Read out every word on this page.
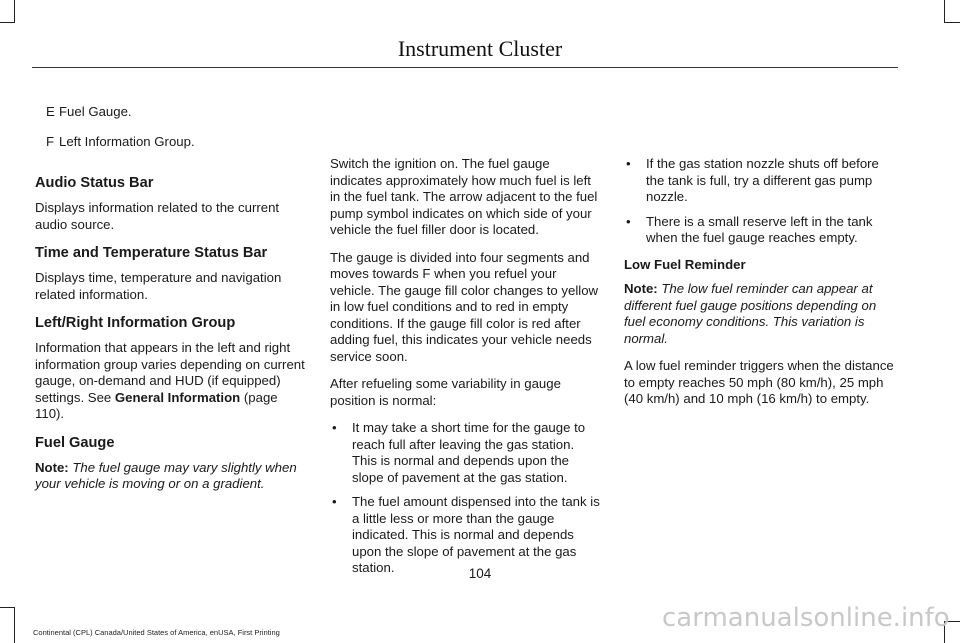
Instrument Cluster
E Fuel Gauge.
F Left Information Group.
Audio Status Bar

Displays information related to the current audio source.

Time and Temperature Status Bar

Displays time, temperature and navigation related information.

Left/Right Information Group

Information that appears in the left and right information group varies depending on current gauge, on-demand and HUD (if equipped) settings. See General Information (page 110).

Fuel Gauge

Note: The fuel gauge may vary slightly when your vehicle is moving or on a gradient.

Switch the ignition on. The fuel gauge indicates approximately how much fuel is left in the fuel tank. The arrow adjacent to the fuel pump symbol indicates on which side of your vehicle the fuel filler door is located.

The gauge is divided into four segments and moves towards F when you refuel your vehicle. The gauge fill color changes to yellow in low fuel conditions and to red in empty conditions. If the gauge fill color is red after adding fuel, this indicates your vehicle needs service soon.

After refueling some variability in gauge position is normal:

• It may take a short time for the gauge to reach full after leaving the gas station. This is normal and depends upon the slope of pavement at the gas station.
• The fuel amount dispensed into the tank is a little less or more than the gauge indicated. This is normal and depends upon the slope of pavement at the gas station.
• If the gas station nozzle shuts off before the tank is full, try a different gas pump nozzle.
• There is a small reserve left in the tank when the fuel gauge reaches empty.
Low Fuel Reminder

Note: The low fuel reminder can appear at different fuel gauge positions depending on fuel economy conditions. This variation is normal.

A low fuel reminder triggers when the distance to empty reaches 50 mph (80 km/h), 25 mph (40 km/h) and 10 mph (16 km/h) to empty.

104
Continental (CPL) Canada/United States of America, enUSA, First Printing	carmanualsonline.info
